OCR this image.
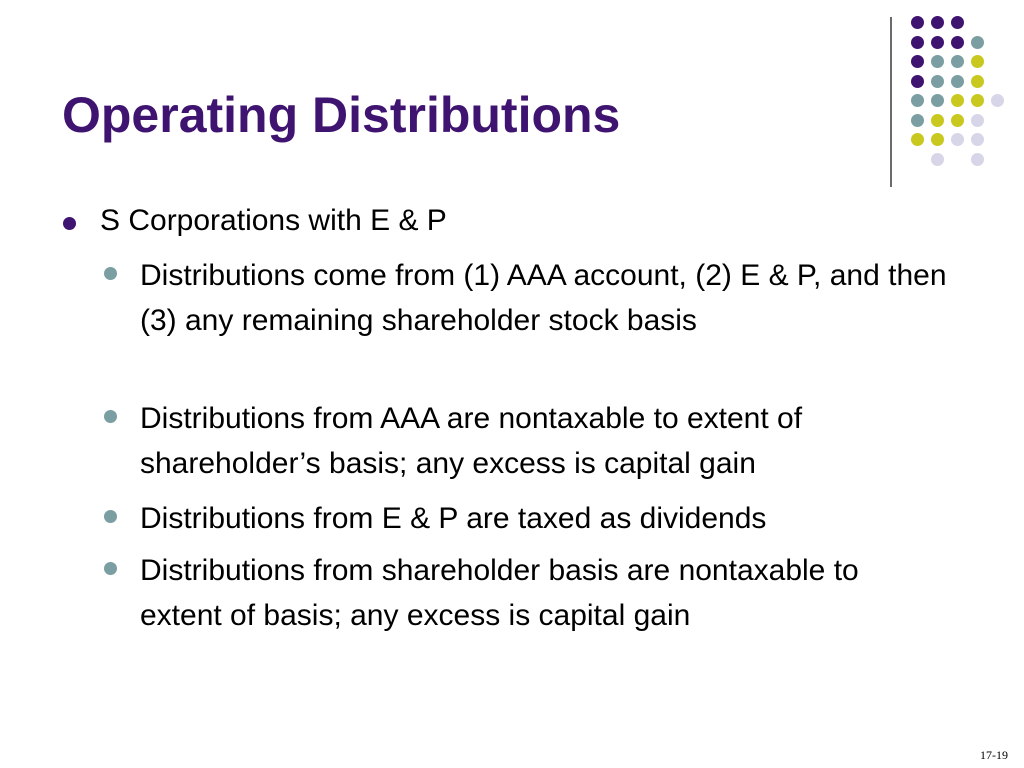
Operating Distributions
S Corporations with E & P
Distributions come from (1) AAA account, (2) E & P, and then (3) any remaining shareholder stock basis
Distributions from AAA are nontaxable to extent of shareholder’s basis; any excess is capital gain
Distributions from E & P are taxed as dividends
Distributions from shareholder basis are nontaxable to extent of basis; any excess is capital gain
17-19
